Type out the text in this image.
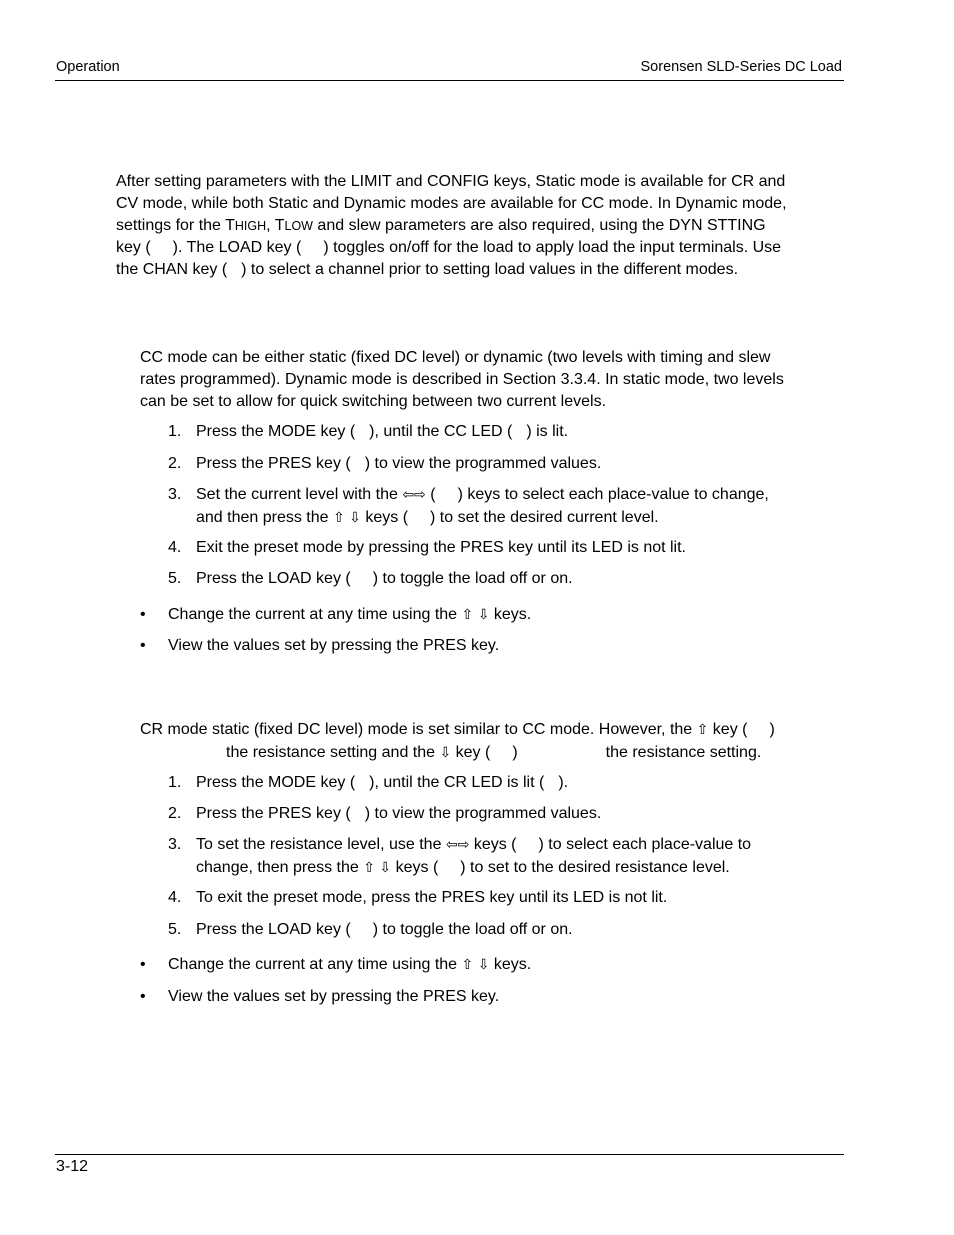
Operation	Sorensen SLD-Series DC Load
After setting parameters with the LIMIT and CONFIG keys, Static mode is available for CR and
CV mode, while both Static and Dynamic modes are available for CC mode. In Dynamic mode,
settings for the THIGH, TLOW and slew parameters are also required, using the DYN STTING
key ( ). The LOAD key ( ) toggles on/off for the load to apply load the input terminals. Use
the CHAN key ( ) to select a channel prior to setting load values in the different modes.
CC mode can be either static (fixed DC level) or dynamic (two levels with timing and slew
rates programmed). Dynamic mode is described in Section 3.3.4. In static mode, two levels
can be set to allow for quick switching between two current levels.
1. Press the MODE key ( ), until the CC LED ( ) is lit.
2. Press the PRES key ( ) to view the programmed values.
3. Set the current level with the ⇦⇨ ( ) keys to select each place-value to change,
and then press the ⇧ ⇩ keys ( ) to set the desired current level.
4. Exit the preset mode by pressing the PRES key until its LED is not lit.
5. Press the LOAD key ( ) to toggle the load off or on.
• Change the current at any time using the ⇧ ⇩ keys.
• View the values set by pressing the PRES key.
CR mode static (fixed DC level) mode is set similar to CC mode. However, the ⇧ key ( )
the resistance setting and the ⇩ key ( )	the resistance setting.
1. Press the MODE key ( ), until the CR LED is lit ( ).
2. Press the PRES key ( ) to view the programmed values.
3. To set the resistance level, use the ⇦⇨ keys ( ) to select each place-value to
change, then press the ⇧ ⇩ keys ( ) to set to the desired resistance level.
4. To exit the preset mode, press the PRES key until its LED is not lit.
5. Press the LOAD key ( ) to toggle the load off or on.
• Change the current at any time using the ⇧ ⇩ keys.
• View the values set by pressing the PRES key.
3-12
